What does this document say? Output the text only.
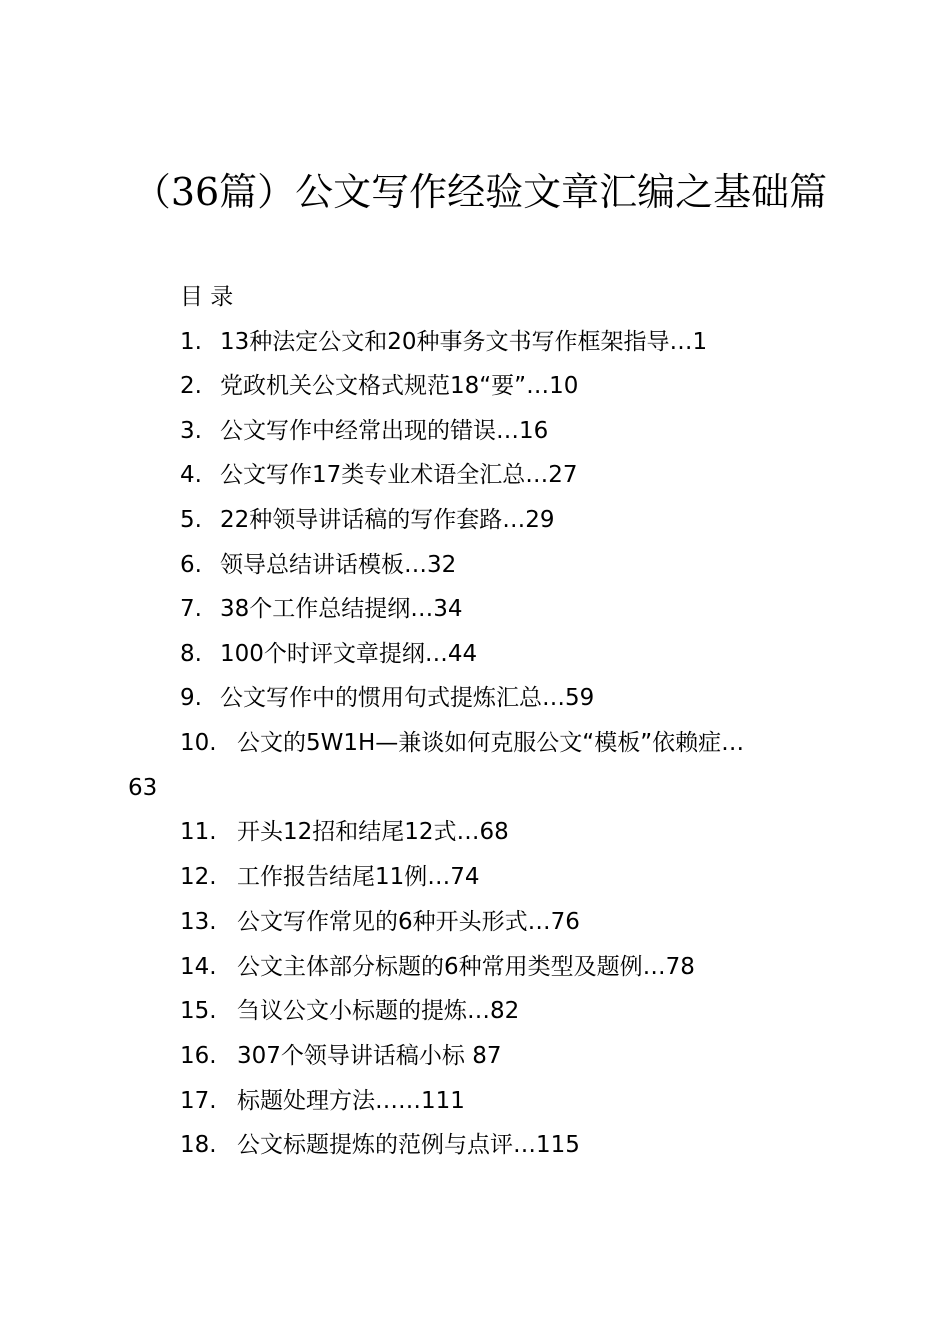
（36篇）公文写作经验文章汇编之基础篇
目 录
1. 13种法定公文和20种事务文书写作框架指导…1
2. 党政机关公文格式规范18“要”…10
3. 公文写作中经常出现的错误…16
4. 公文写作17类专业术语全汇总…27
5. 22种领导讲话稿的写作套路…29
6. 领导总结讲话模板…32
7. 38个工作总结提纲…34
8. 100个时评文章提纲…44
9. 公文写作中的惯用句式提炼汇总…59
10. 公文的5W1H—兼谈如何克服公文“模板”依赖症…
63
11. 开头12招和结尾12式…68
12. 工作报告结尾11例…74
13. 公文写作常见的6种开头形式…76
14. 公文主体部分标题的6种常用类型及题例…78
15. 刍议公文小标题的提炼…82
16. 307个领导讲话稿小标 87
17. 标题处理方法……111
18. 公文标题提炼的范例与点评…115
